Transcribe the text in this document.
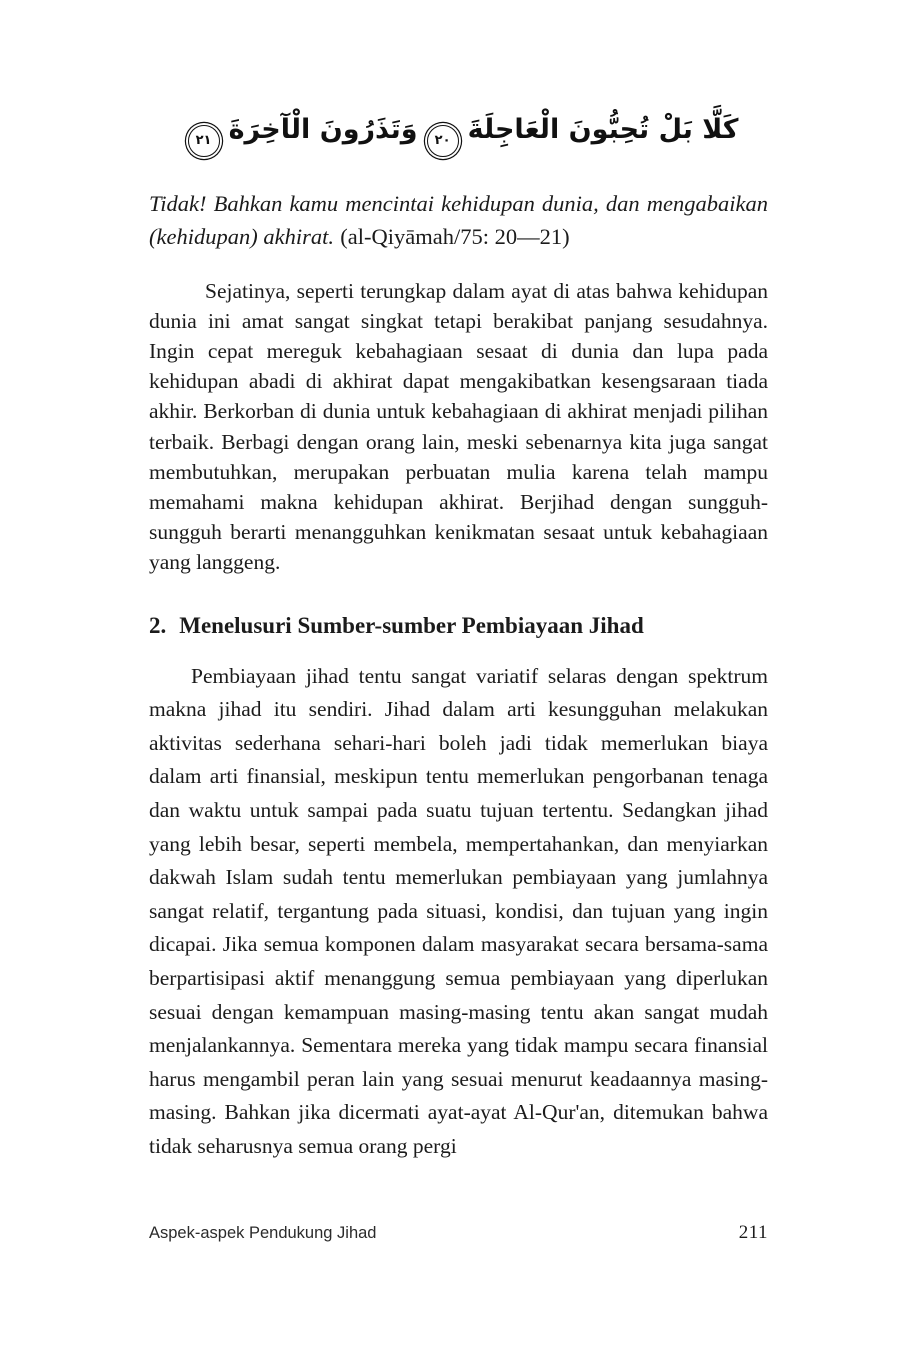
كَلَّا بَلْ تُحِبُّونَ الْعَاجِلَةَ٢٠وَتَذَرُونَ الْآخِرَةَ٢١

Tidak! Bahkan kamu mencintai kehidupan dunia, dan mengabaikan (kehidupan) akhirat. (al-Qiyāmah/75: 20—21)

Sejatinya, seperti terungkap dalam ayat di atas bahwa kehidupan dunia ini amat sangat singkat tetapi berakibat panjang sesudahnya. Ingin cepat mereguk kebahagiaan sesaat di dunia dan lupa pada kehidupan abadi di akhirat dapat mengakibatkan kesengsaraan tiada akhir. Berkorban di dunia untuk kebahagiaan di akhirat menjadi pilihan terbaik. Berbagi dengan orang lain, meski sebenarnya kita juga sangat membutuhkan, merupakan perbuatan mulia karena telah mampu memahami makna kehidupan akhirat. Berjihad dengan sungguh-sungguh berarti menangguhkan kenikmatan sesaat untuk kebahagiaan yang langgeng.

2. Menelusuri Sumber-sumber Pembiayaan Jihad

Pembiayaan jihad tentu sangat variatif selaras dengan spektrum makna jihad itu sendiri. Jihad dalam arti kesungguhan melakukan aktivitas sederhana sehari-hari boleh jadi tidak memerlukan biaya dalam arti finansial, meskipun tentu memerlukan pengorbanan tenaga dan waktu untuk sampai pada suatu tujuan tertentu. Sedangkan jihad yang lebih besar, seperti membela, mempertahankan, dan menyiarkan dakwah Islam sudah tentu memerlukan pembiayaan yang jumlahnya sangat relatif, tergantung pada situasi, kondisi, dan tujuan yang ingin dicapai. Jika semua komponen dalam masyarakat secara bersama-sama berpartisipasi aktif menanggung semua pembiayaan yang diperlukan sesuai dengan kemampuan masing-masing tentu akan sangat mudah menjalankannya. Sementara mereka yang tidak mampu secara finansial harus mengambil peran lain yang sesuai menurut keadaannya masing-masing. Bahkan jika dicermati ayat-ayat Al-Qur'an, ditemukan bahwa tidak seharusnya semua orang pergi

Aspek-aspek Pendukung Jihad	211
